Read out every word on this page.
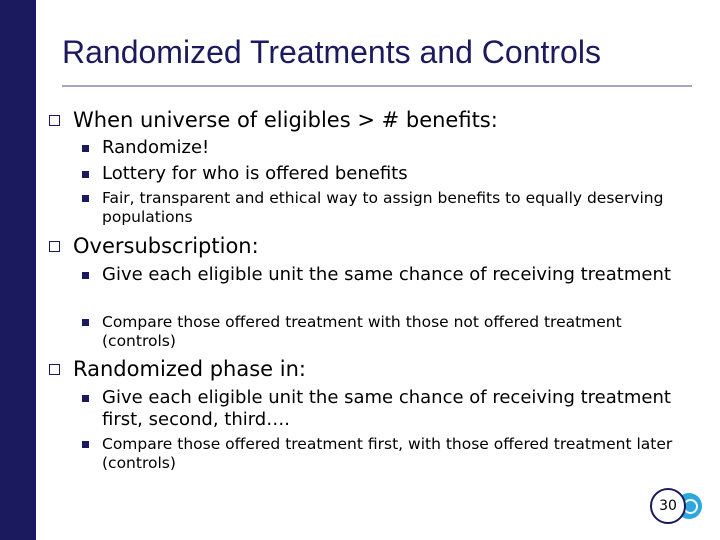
Randomized Treatments and Controls
When universe of eligibles > # benefits:
Randomize!
Lottery for who is offered benefits
Fair, transparent and ethical way to assign benefits to equally deserving populations
Oversubscription:
Give each eligible unit the same chance of receiving treatment
Compare those offered treatment with those not offered treatment (controls)
Randomized phase in:
Give each eligible unit the same chance of receiving treatment first, second, third….
Compare those offered treatment first, with those offered treatment later (controls)
30
